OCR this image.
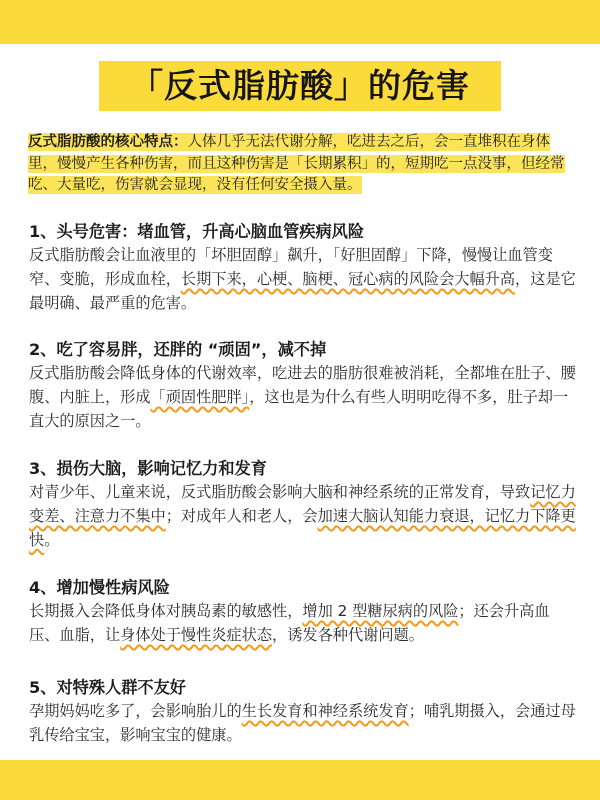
「反式脂肪酸」的危害
反式脂肪酸的核心特点：人体几乎无法代谢分解，吃进去之后，会一直堆积在身体里，慢慢产生各种伤害，而且这种伤害是「长期累积」的，短期吃一点没事，但经常吃、大量吃，伤害就会显现，没有任何安全摄入量。
1、头号危害：堵血管，升高心脑血管疾病风险

反式脂肪酸会让血液里的「坏胆固醇」飙升，「好胆固醇」下降，慢慢让血管变窄、变脆，形成血栓，长期下来，心梗、脑梗、冠心病的风险会大幅升高，这是它最明确、最严重的危害。

2、吃了容易胖，还胖的 “顽固”，减不掉

反式脂肪酸会降低身体的代谢效率，吃进去的脂肪很难被消耗，全都堆在肚子、腰腹、内脏上，形成「顽固性肥胖」，这也是为什么有些人明明吃得不多，肚子却一直大的原因之一。

3、损伤大脑，影响记忆力和发育

对青少年、儿童来说，反式脂肪酸会影响大脑和神经系统的正常发育，导致记忆力变差、注意力不集中；对成年人和老人，会加速大脑认知能力衰退，记忆力下降更快。

4、增加慢性病风险

长期摄入会降低身体对胰岛素的敏感性，增加 2 型糖尿病的风险；还会升高血压、血脂，让身体处于慢性炎症状态，诱发各种代谢问题。

5、对特殊人群不友好

孕期妈妈吃多了，会影响胎儿的生长发育和神经系统发育；哺乳期摄入，会通过母乳传给宝宝，影响宝宝的健康。
